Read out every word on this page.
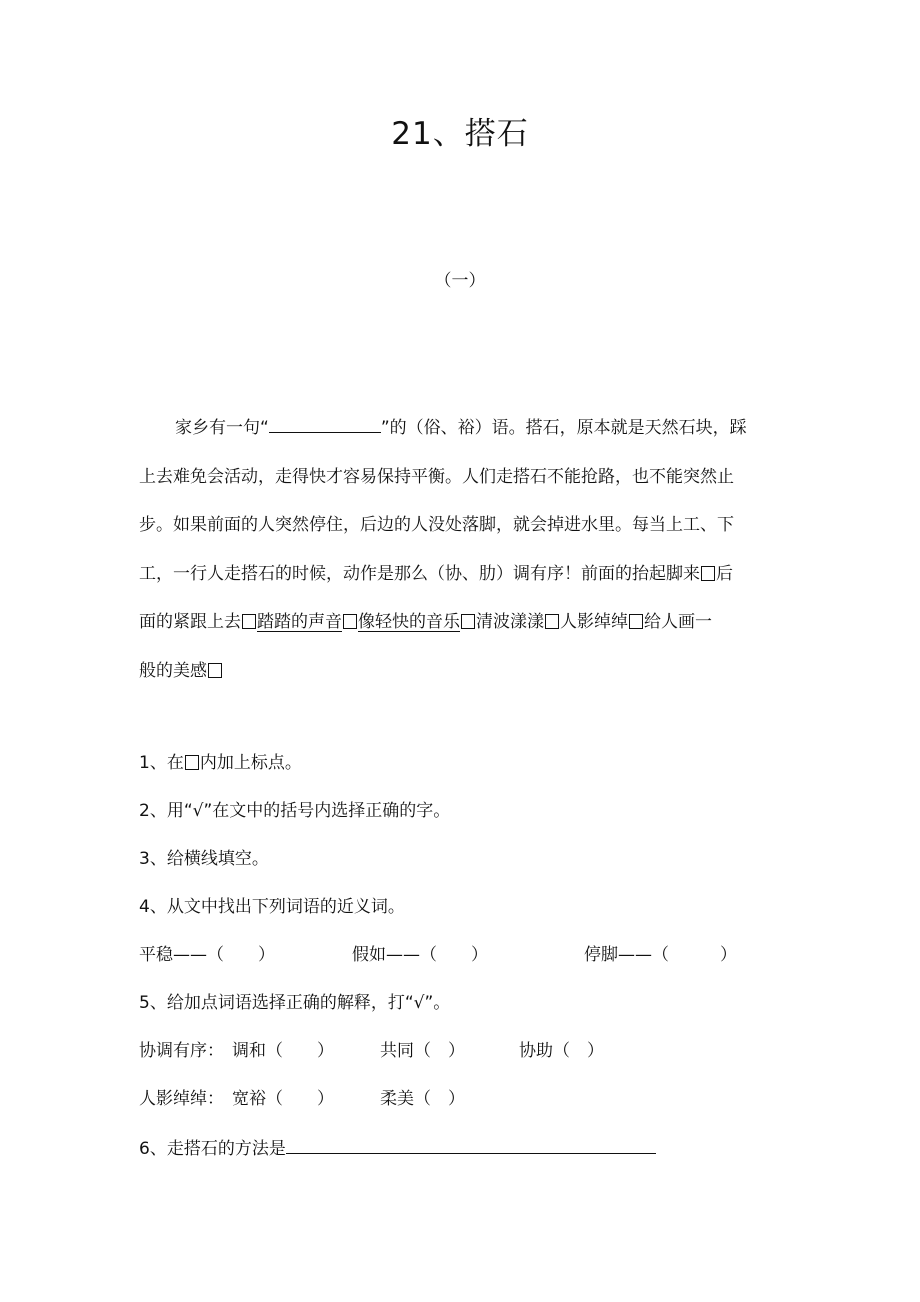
21、搭石
（一）
家乡有一句“	”的（俗、裕）语。搭石，原本就是天然石块，踩
上去难免会活动，走得快才容易保持平衡。人们走搭石不能抢路，也不能突然止
步。如果前面的人突然停住，后边的人没处落脚，就会掉进水里。每当上工、下
工，一行人走搭石的时候，动作是那么（协、肋）调有序！前面的抬起脚来 后
面的紧跟上去 踏踏的声音 像轻快的音乐 清波漾漾 人影绰绰 给人画一
般的美感
1、在 内加上标点。
2、用“√”在文中的括号内选择正确的字。
3、给横线填空。
4、从文中找出下列词语的近义词。
平稳——（　　）	假如——（　　）	停脚——（　　　）
5、给加点词语选择正确的解释，打“√”。
协调有序： 调和（　　）	共同（　）	协助（　）
人影绰绰： 宽裕（　　）	柔美（　）
6、走搭石的方法是
